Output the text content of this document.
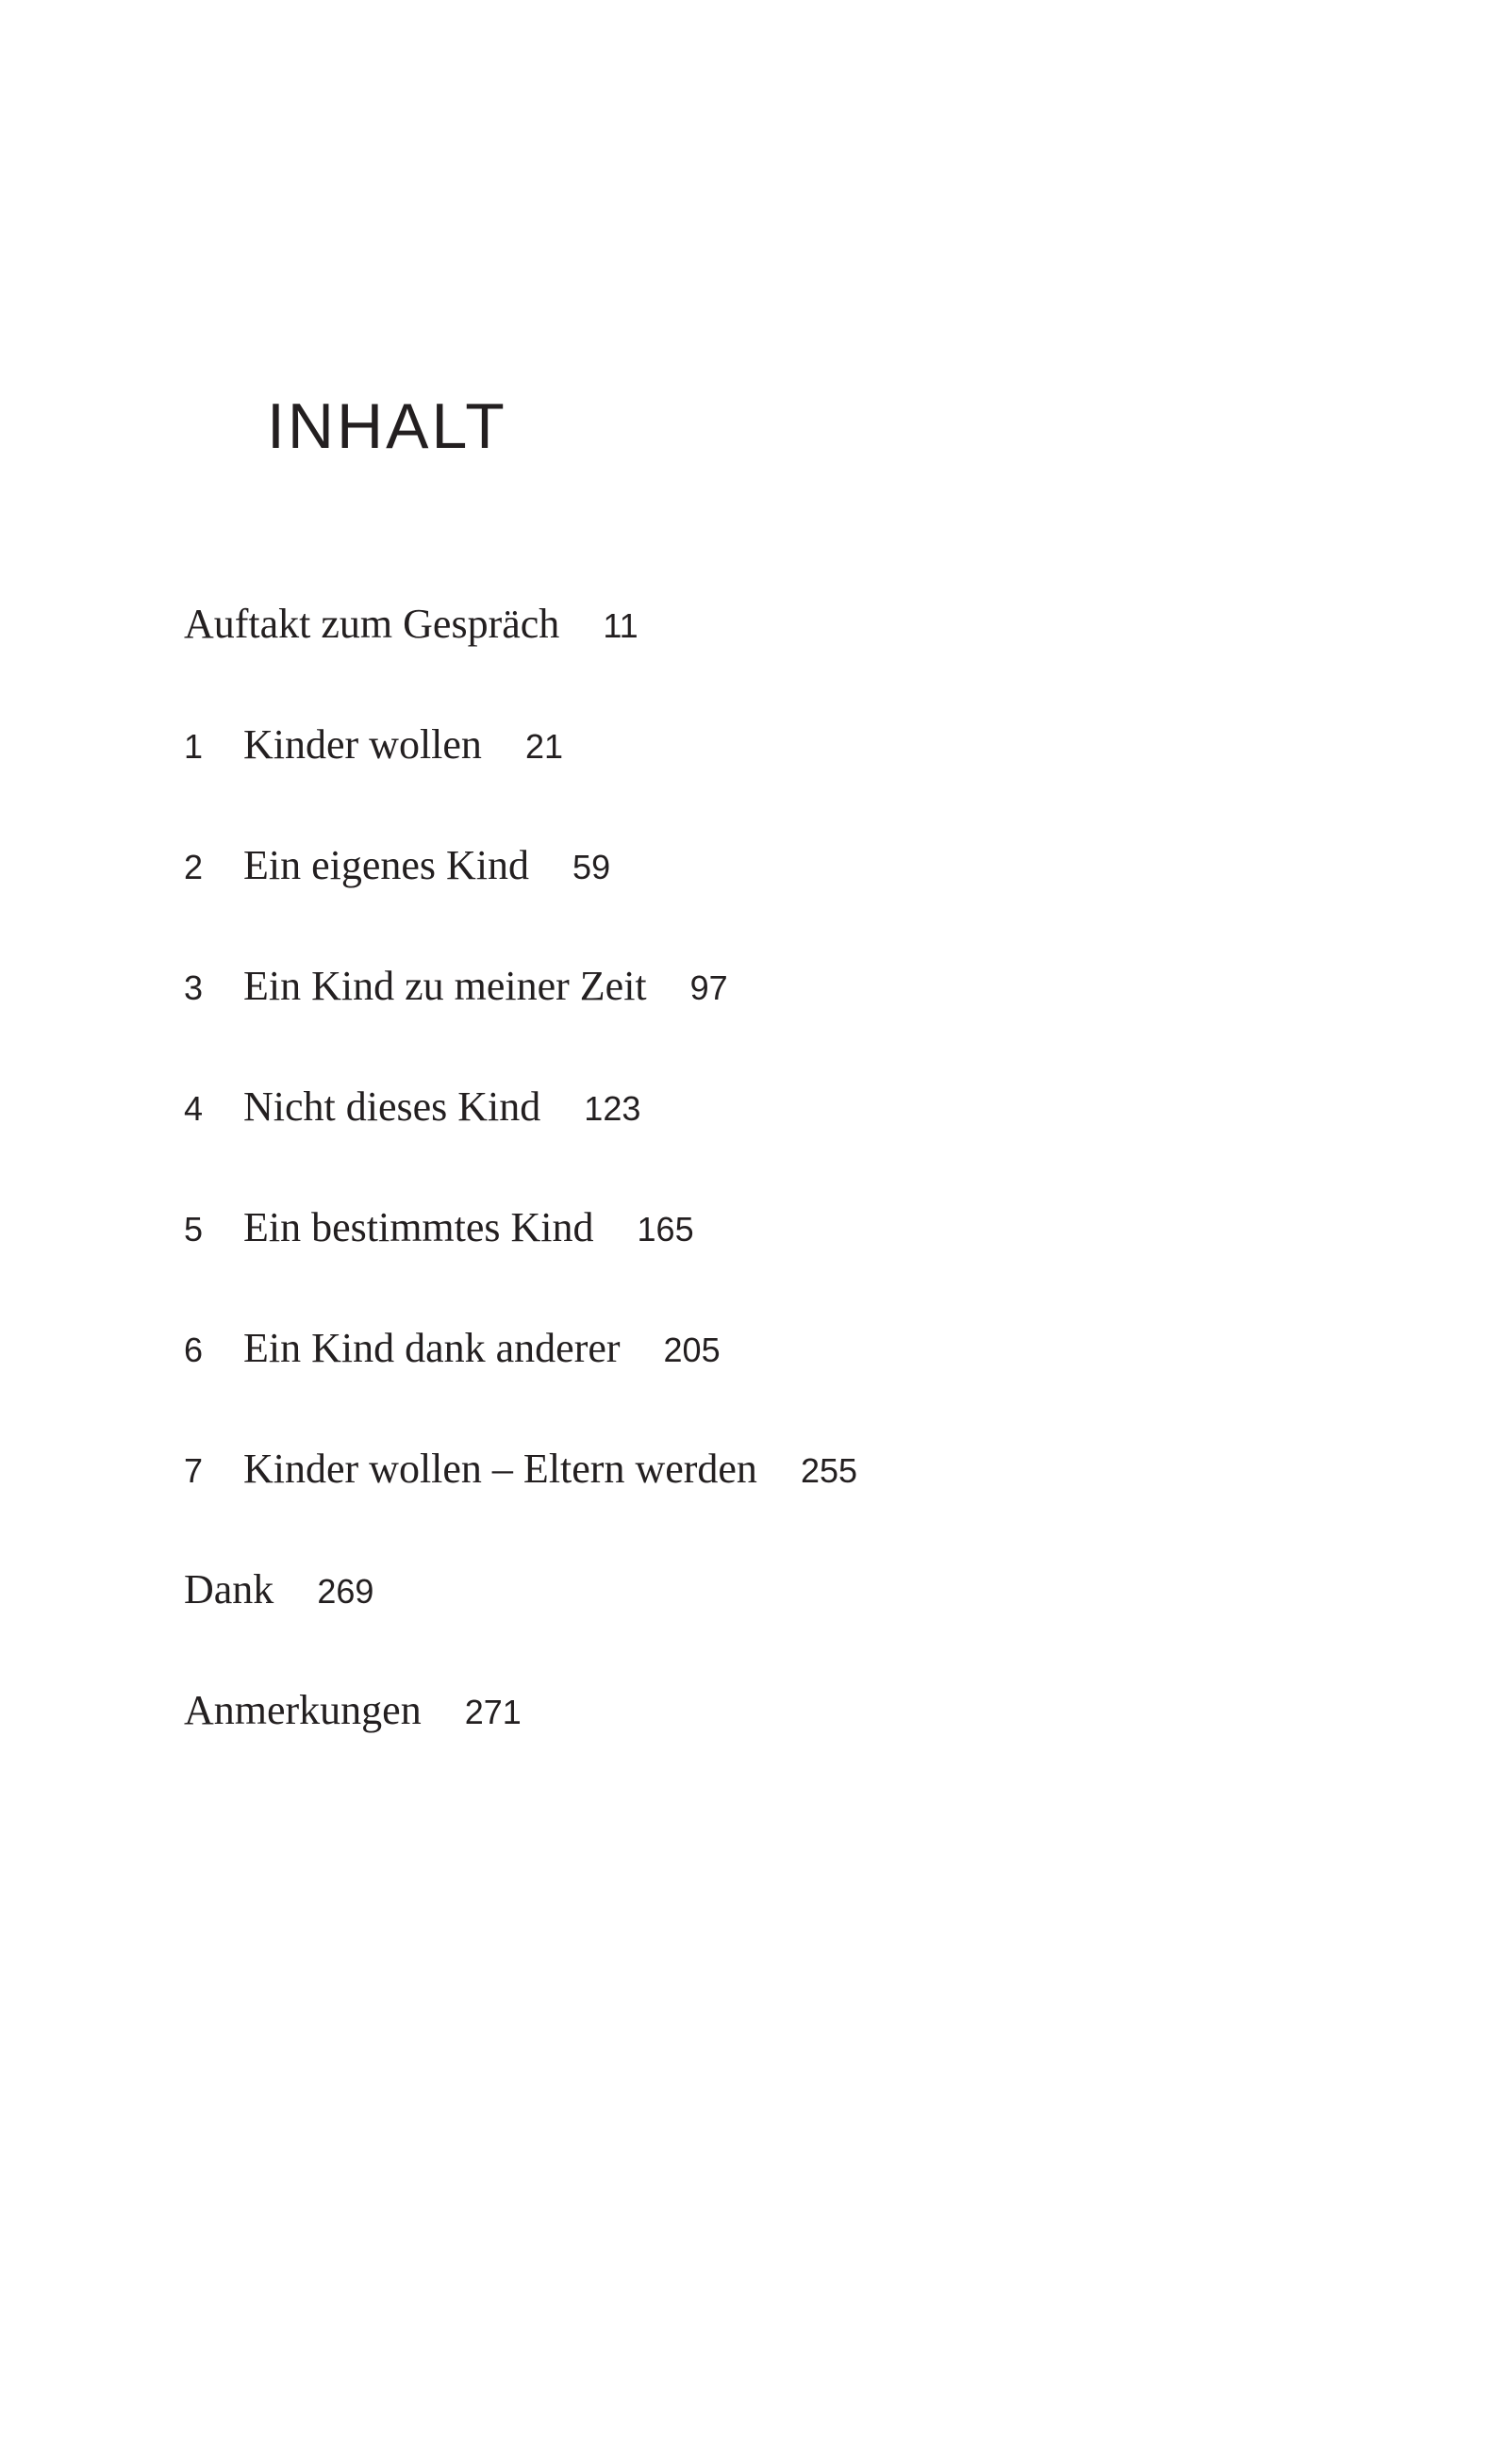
INHALT
Auftakt zum Gespräch 11
1 Kinder wollen 21
2 Ein eigenes Kind 59
3 Ein Kind zu meiner Zeit 97
4 Nicht dieses Kind 123
5 Ein bestimmtes Kind 165
6 Ein Kind dank anderer 205
7 Kinder wollen – Eltern werden 255
Dank 269
Anmerkungen 271
